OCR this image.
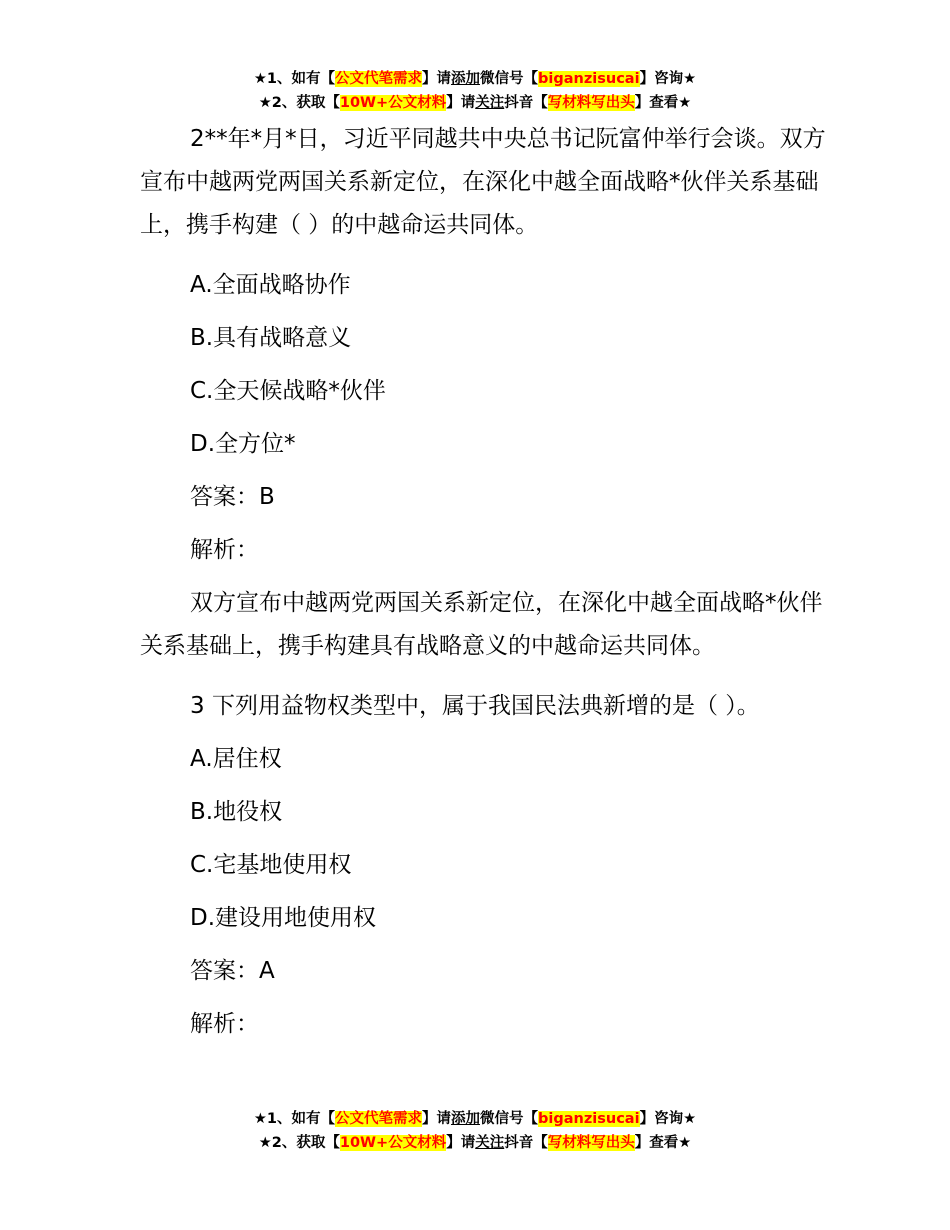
★1、如有【公文代笔需求】请添加微信号【biganzisucai】咨询★
★2、获取【10W+公文材料】请关注抖音【写材料写出头】查看★

2**年*月*日，习近平同越共中央总书记阮富仲举行会谈。双方宣布中越两党两国关系新定位，在深化中越全面战略*伙伴关系基础上，携手构建（ ）的中越命运共同体。

A.全面战略协作

B.具有战略意义

C.全天候战略*伙伴

D.全方位*

答案：B

解析：

双方宣布中越两党两国关系新定位，在深化中越全面战略*伙伴关系基础上，携手构建具有战略意义的中越命运共同体。

3 下列用益物权类型中，属于我国民法典新增的是（ ）。

A.居住权

B.地役权

C.宅基地使用权

D.建设用地使用权

答案：A

解析：

★1、如有【公文代笔需求】请添加微信号【biganzisucai】咨询★
★2、获取【10W+公文材料】请关注抖音【写材料写出头】查看★
